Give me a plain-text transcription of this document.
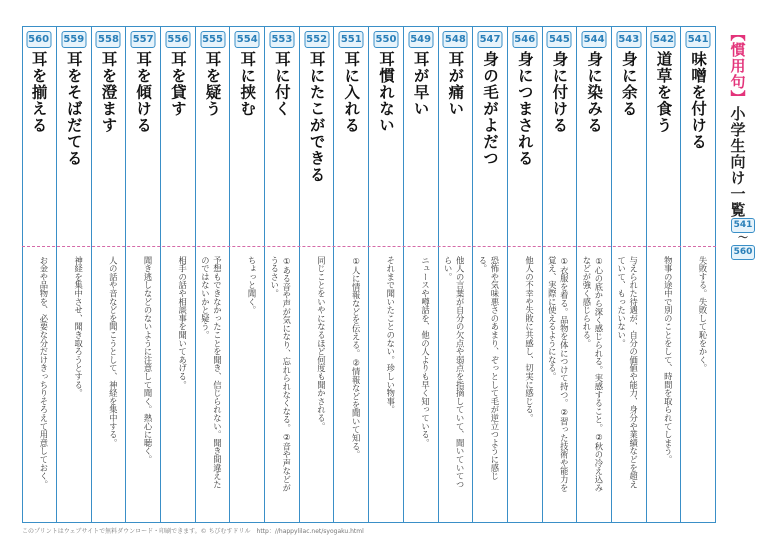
541
味噌を付ける
失敗する。失敗して恥をかく。
542
道草を食う
物事の途中で別のことをして、時間を取られてしまう。
543
身に余る
与えられた待遇が、自分の価値や能力、身分や業績などを超えていて、もったいない。
544
身に染みる
①心の底から深く感じられる。実感すること。②秋の冷え込みなどが強く感じられる。
545
身に付ける
①衣服を着る。品物を体につけて持つ。②習った技術や能力を覚え、実際に使えるようになる。
546
身につまされる
他人の不幸や失敗に共感し、切実に感じる。
547
身の毛がよだつ
恐怖や気味悪さのあまり、ぞっとして毛が逆立つように感じる。
548
耳が痛い
他人の言葉が自分の欠点や弱点を指摘していて、聞いていてつらい。
549
耳が早い
ニュースや噂話を、他の人よりも早く知っている。
550
耳慣れない
それまで聞いたことのない。珍しい物事。
551
耳に入れる
①人に情報などを伝える。②情報などを聞いて知る。
552
耳にたこができる
同じことをいやになるほど何度も聞かされる。
553
耳に付く
①ある音や声が気になり、忘れられなくなる。②音や声などがうるさい。
554
耳に挟む
ちょっと聞く。
555
耳を疑う
予想もできなかったことを聞き、信じられない。聞き間違えたのではないかと疑う。
556
耳を貸す
相手の話や相談事を聞いてあげる。
557
耳を傾ける
聞き逃しなどのないように注意して聞く。熱心に聴く。
558
耳を澄ます
人の話や音などを聞こうとして、神経を集中する。
559
耳をそばだてる
神経を集中させ、聞き取ろうとする。
560
耳を揃える
お金や品物を、必要な分だけきっちりそろえて用意しておく。
【慣用句】小学生向け一覧
541
～
560
このプリントはウェブサイトで無料ダウンロード・印刷できます。© ちびむすドリル　http：//happylilac.net/syogaku.html
